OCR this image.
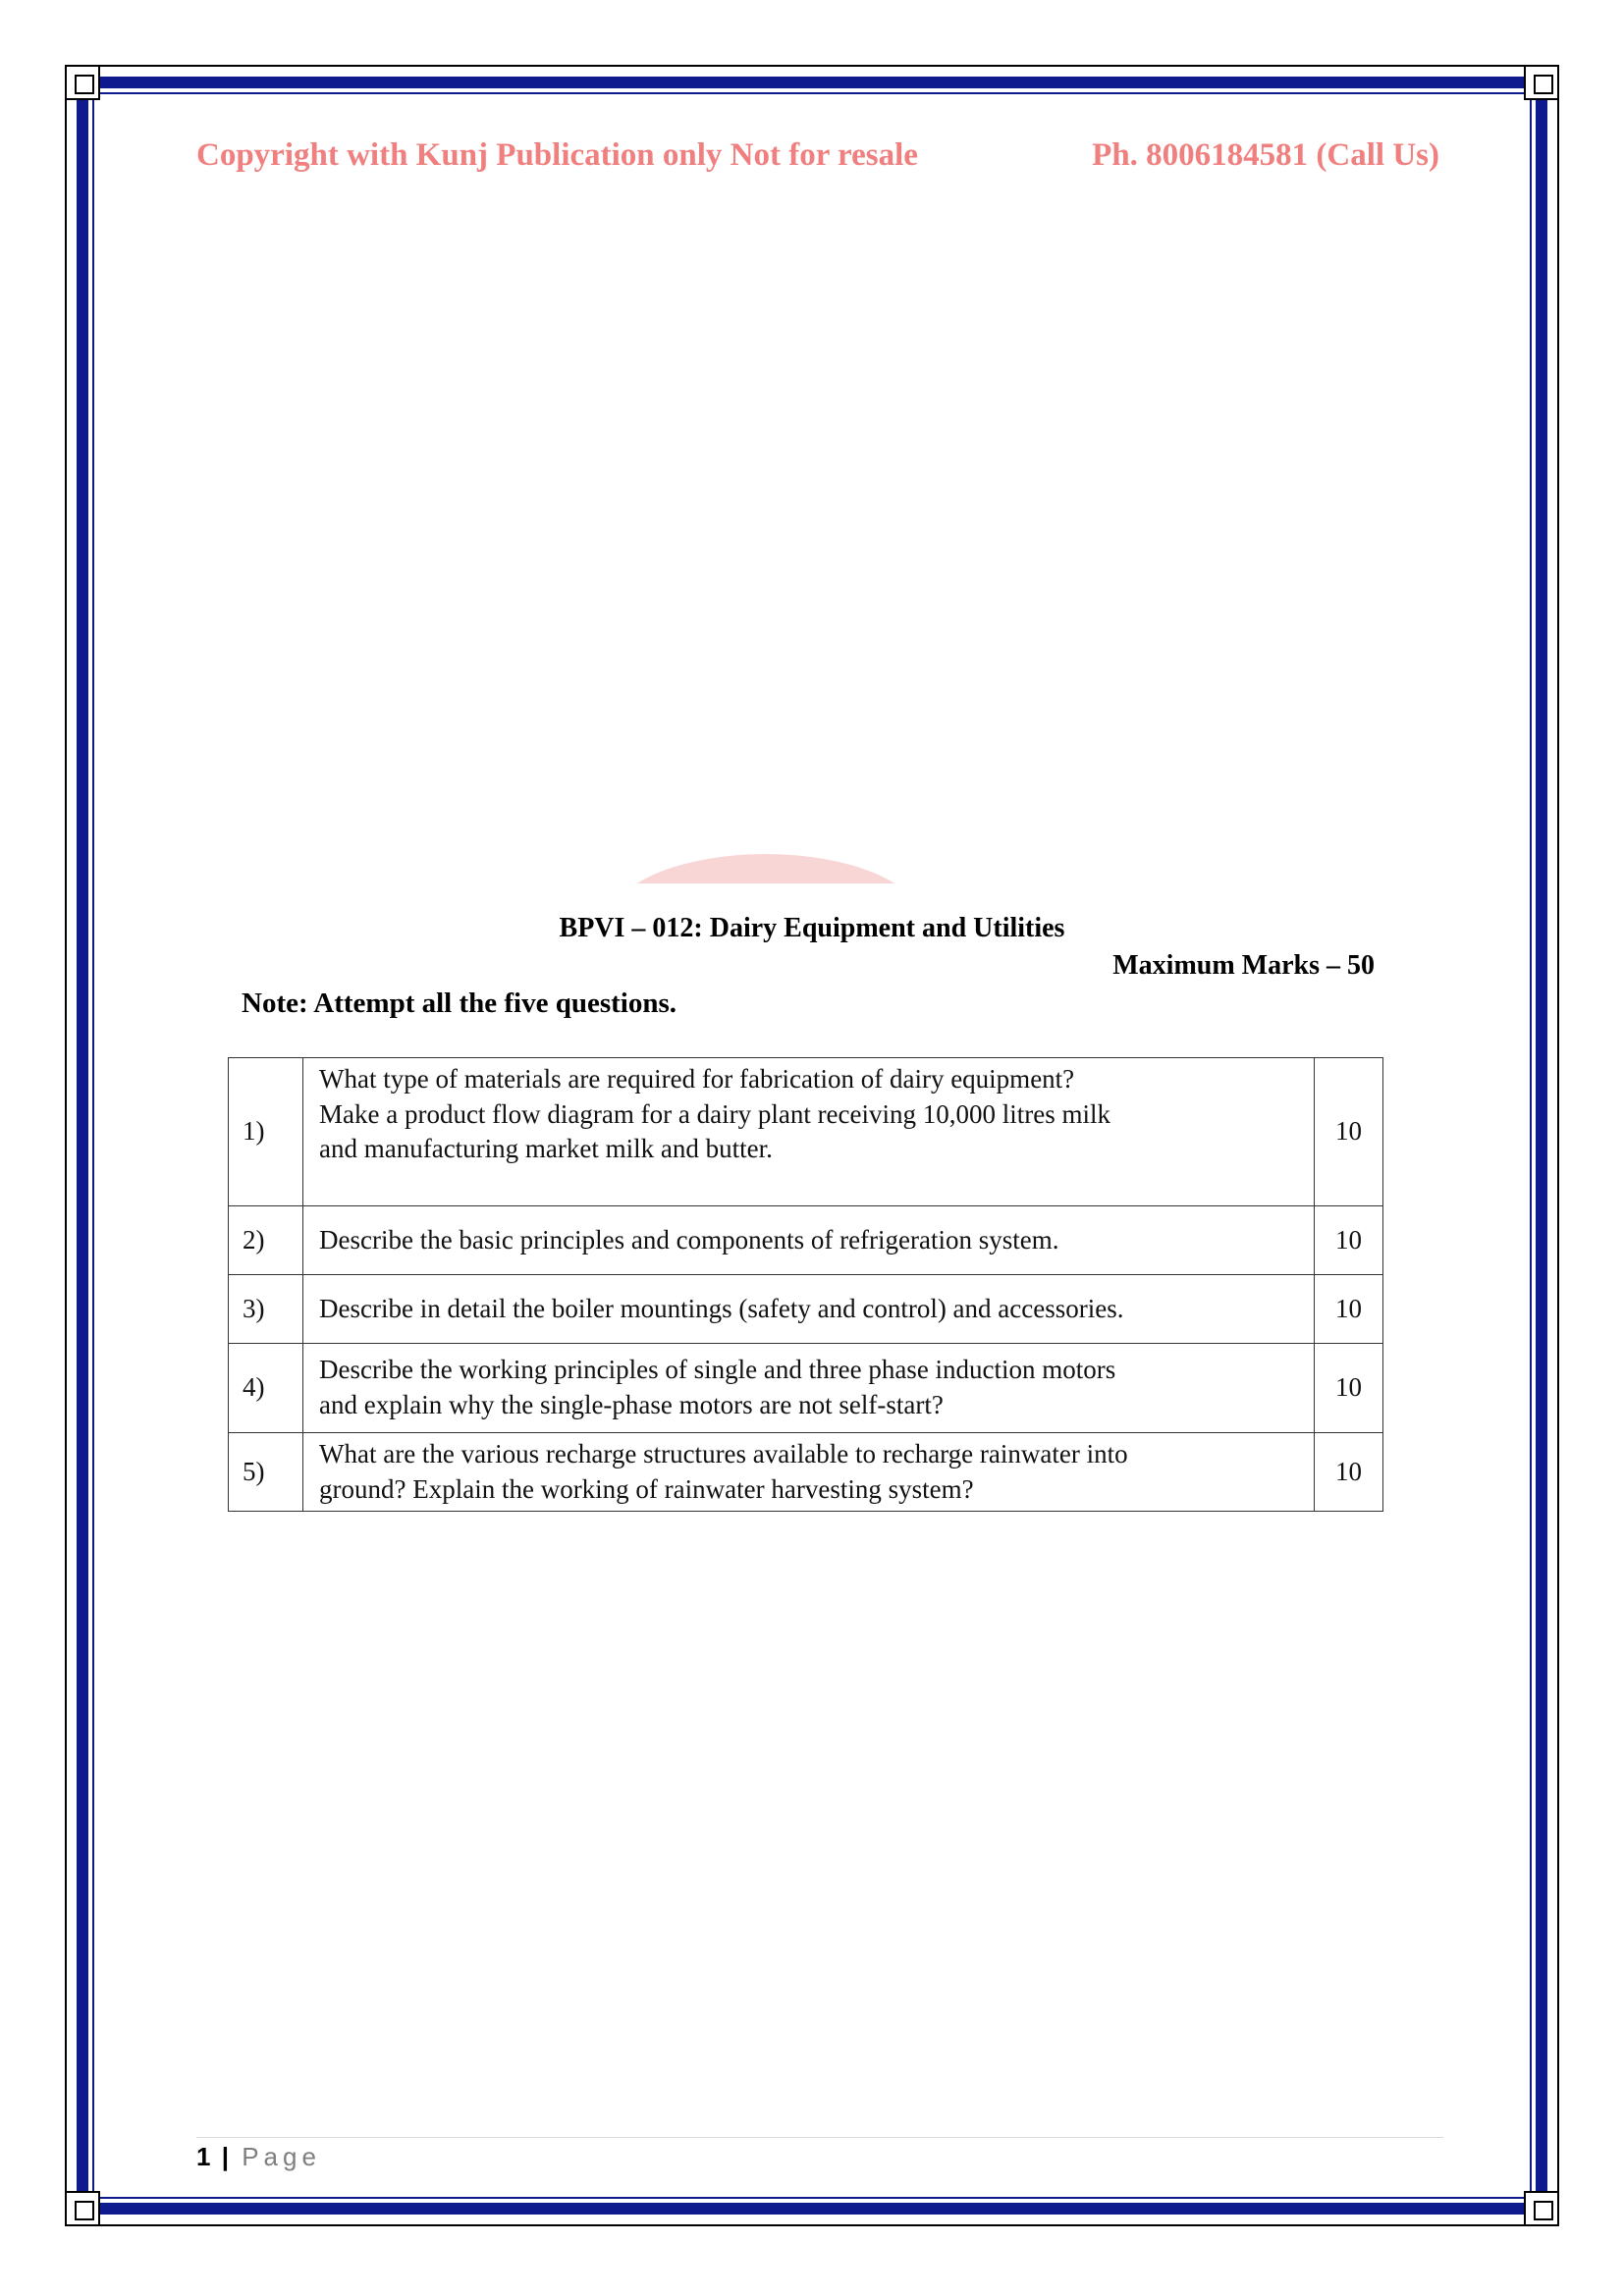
Copyright with Kunj Publication only Not for resale	Ph. 8006184581 (Call Us)
BPVI – 012: Dairy Equipment and Utilities
Maximum Marks – 50
Note: Attempt all the five questions.
1)	What type of materials are required for fabrication of dairy equipment?
Make a product flow diagram for a dairy plant receiving 10,000 litres milk
and manufacturing market milk and butter.	10
2)	Describe the basic principles and components of refrigeration system.	10
3)	Describe in detail the boiler mountings (safety and control) and accessories.	10
4)	Describe the working principles of single and three phase induction motors
and explain why the single-phase motors are not self-start?	10
5)	What are the various recharge structures available to recharge rainwater into
ground? Explain the working of rainwater harvesting system?	10
1 | Page
